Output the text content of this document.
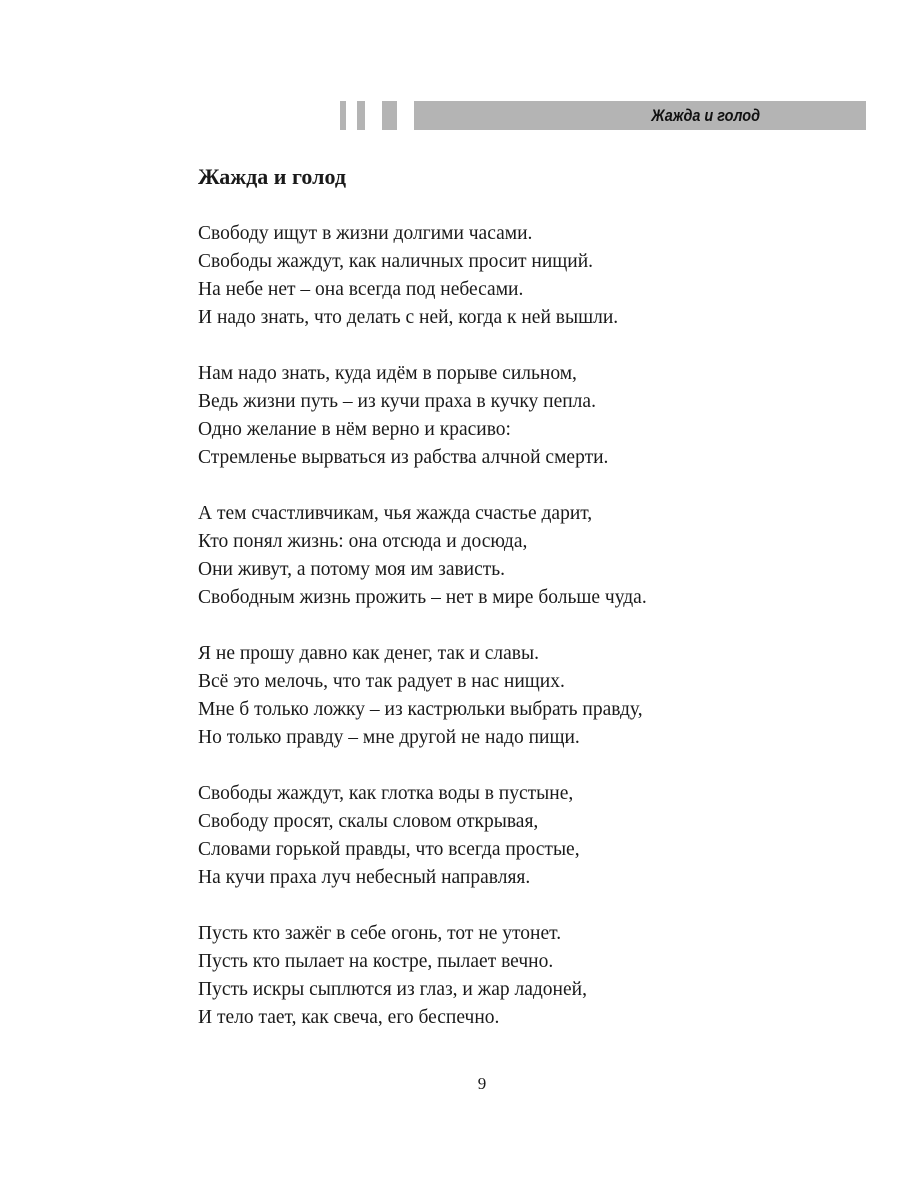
Жажда и голод
Жажда и голод
Свободу ищут в жизни долгими часами.
Свободы жаждут, как наличных просит нищий.
На небе нет – она всегда под небесами.
И надо знать, что делать с ней, когда к ней вышли.
Нам надо знать, куда идём в порыве сильном,
Ведь жизни путь – из кучи праха в кучку пепла.
Одно желание в нём верно и красиво:
Стремленье вырваться из рабства алчной смерти.
А тем счастливчикам, чья жажда счастье дарит,
Кто понял жизнь: она отсюда и досюда,
Они живут, а потому моя им зависть.
Свободным жизнь прожить – нет в мире больше чуда.
Я не прошу давно как денег, так и славы.
Всё это мелочь, что так радует в нас нищих.
Мне б только ложку – из кастрюльки выбрать правду,
Но только правду – мне другой не надо пищи.
Свободы жаждут, как глотка воды в пустыне,
Свободу просят, скалы словом открывая,
Словами горькой правды, что всегда простые,
На кучи праха луч небесный направляя.
Пусть кто зажёг в себе огонь, тот не утонет.
Пусть кто пылает на костре, пылает вечно.
Пусть искры сыплются из глаз, и жар ладоней,
И тело тает, как свеча, его беспечно.
9
